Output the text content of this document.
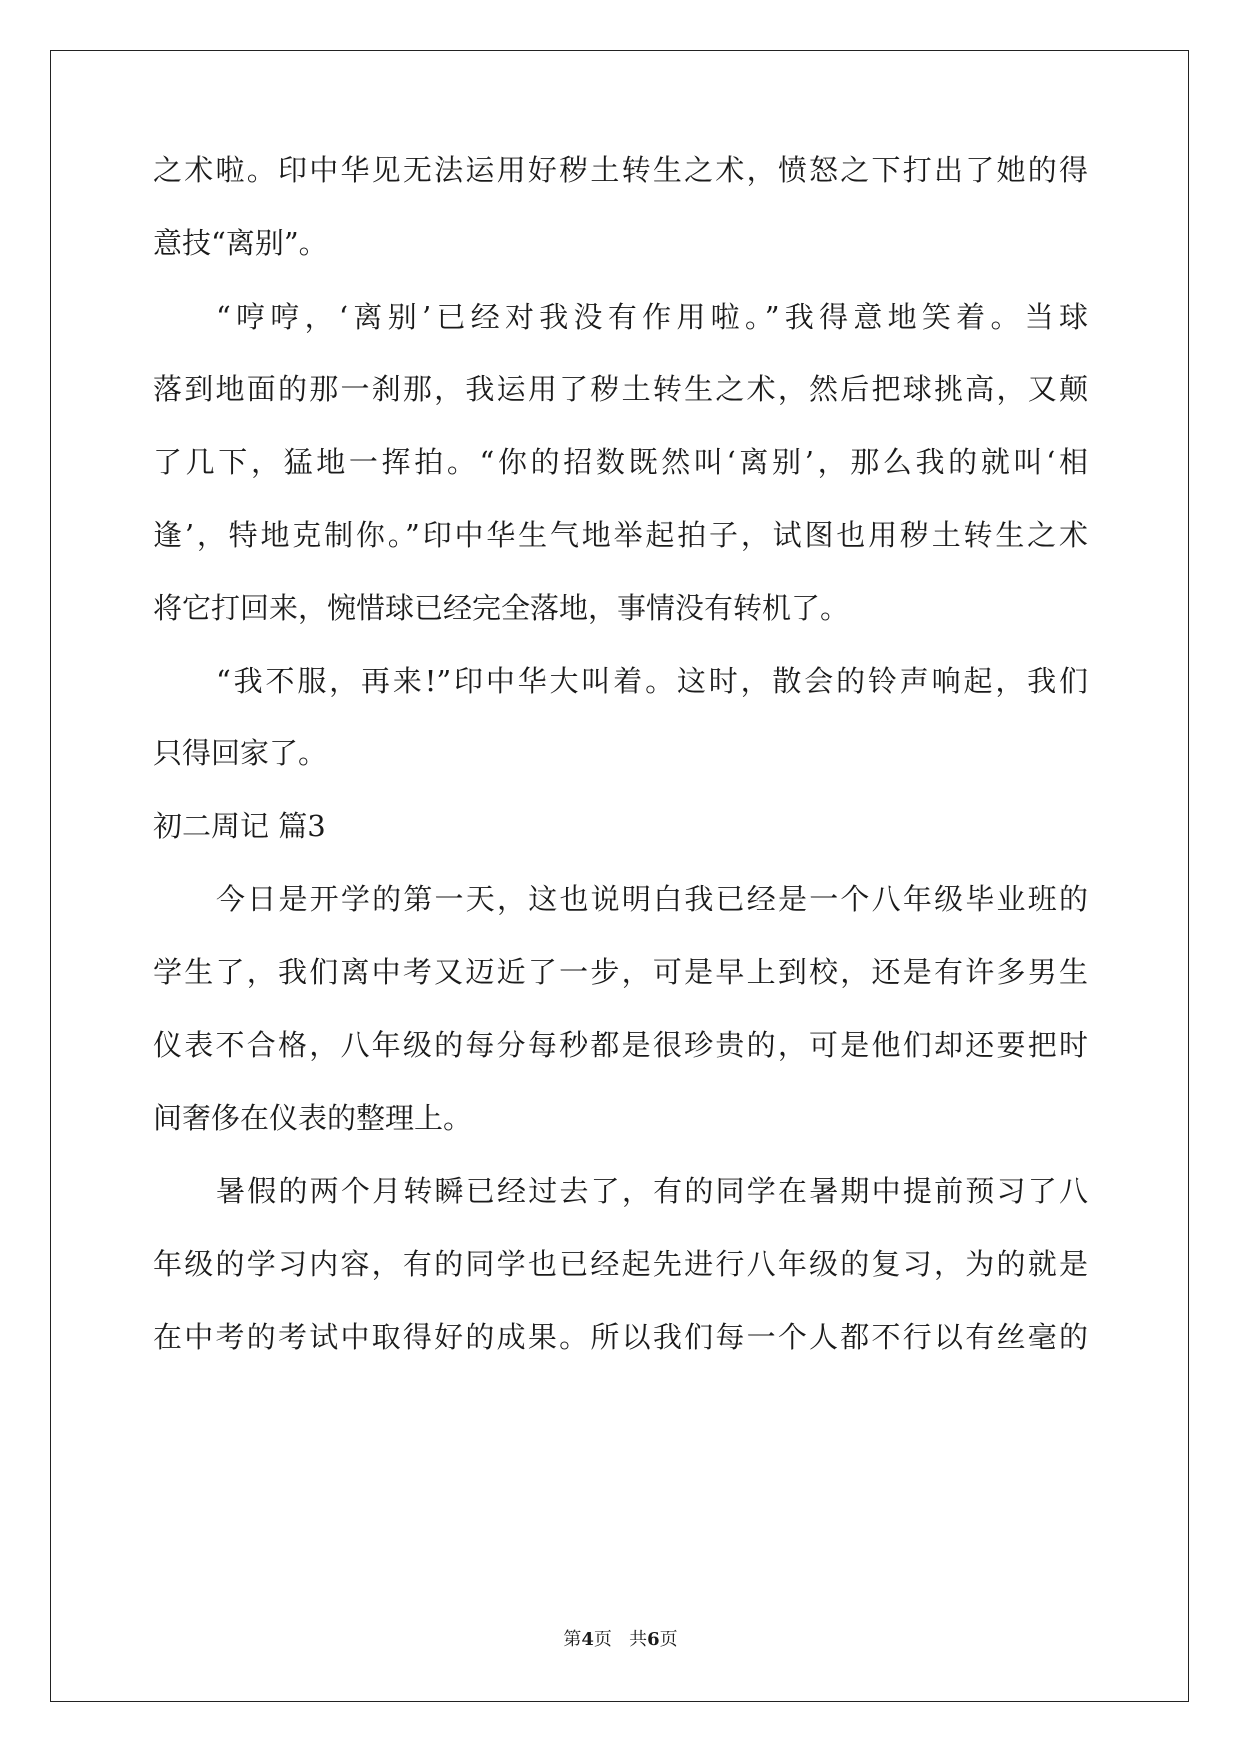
之术啦。印中华见无法运用好秽土转生之术，愤怒之下打出了她的得
意技“离别”。
“哼哼，‘离别’已经对我没有作用啦。”我得意地笑着。当球
落到地面的那一刹那，我运用了秽土转生之术，然后把球挑高，又颠
了几下，猛地一挥拍。“你的招数既然叫‘离别’，那么我的就叫‘相
逢’，特地克制你。”印中华生气地举起拍子，试图也用秽土转生之术
将它打回来，惋惜球已经完全落地，事情没有转机了。
“我不服，再来!”印中华大叫着。这时，散会的铃声响起，我们
只得回家了。
初二周记 篇3
今日是开学的第一天，这也说明白我已经是一个八年级毕业班的
学生了，我们离中考又迈近了一步，可是早上到校，还是有许多男生
仪表不合格，八年级的每分每秒都是很珍贵的，可是他们却还要把时
间奢侈在仪表的整理上。
暑假的两个月转瞬已经过去了，有的同学在暑期中提前预习了八
年级的学习内容，有的同学也已经起先进行八年级的复习，为的就是
在中考的考试中取得好的成果。所以我们每一个人都不行以有丝毫的
第4页 共6页
